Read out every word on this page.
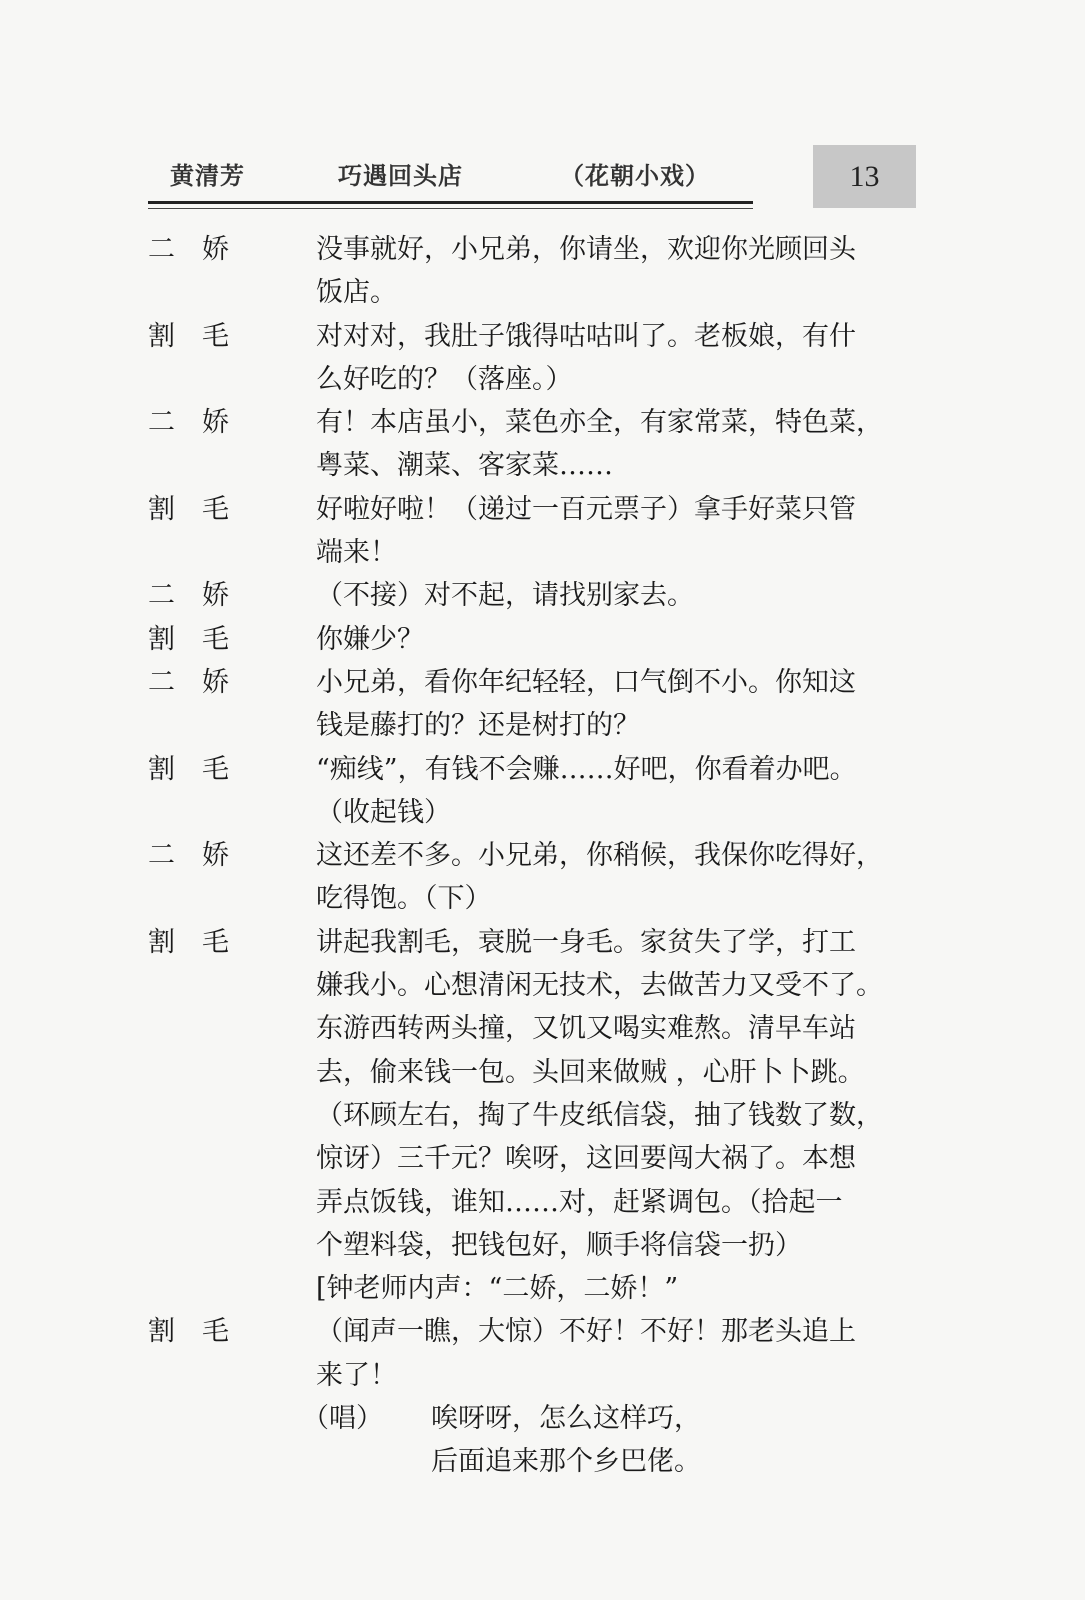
黄清芳	巧遇回头店	（花朝小戏）	13
二　娇	没事就好，小兄弟，你请坐，欢迎你光顾回头

饭店。

割　毛	对对对，我肚子饿得咕咕叫了。老板娘，有什

么好吃的？（落座。）

二　娇	有！本店虽小，菜色亦全，有家常菜，特色菜，

粤菜、潮菜、客家菜……

割　毛	好啦好啦！（递过一百元票子）拿手好菜只管

端来！

二　娇	（不接）对不起，请找别家去。

割　毛	你嫌少？

二　娇	小兄弟，看你年纪轻轻，口气倒不小。你知这

钱是藤打的？还是树打的？

割　毛	“痴线”，有钱不会赚……好吧，你看着办吧。

（收起钱）

二　娇	这还差不多。小兄弟，你稍候，我保你吃得好，

吃得饱。（下）

割　毛	讲起我割毛，衰脱一身毛。家贫失了学，打工

嫌我小。心想清闲无技术，去做苦力又受不了。

东游西转两头撞，又饥又喝实难熬。清早车站

去，偷来钱一包。头回来做贼 ，心肝卜卜跳。

（环顾左右，掏了牛皮纸信袋，抽了钱数了数，

惊讶）三千元？唉呀，这回要闯大祸了。本想

弄点饭钱，谁知……对，赶紧调包。（拾起一

个塑料袋，把钱包好，顺手将信袋一扔）

[钟老师内声：“二娇，二娇！”

割　毛	（闻声一瞧，大惊）不好！不好！那老头追上

来了！

（唱）	唉呀呀，怎么这样巧，

后面追来那个乡巴佬。
